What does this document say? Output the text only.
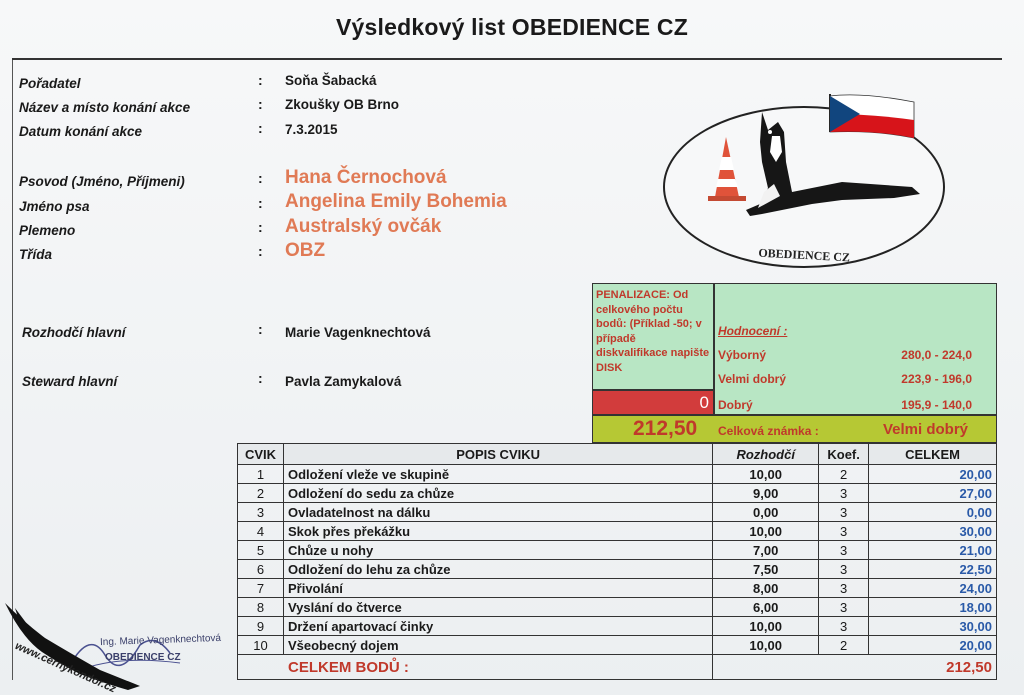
Výsledkový list OBEDIENCE CZ
Pořadatel	: Soňa Šabacká
Název a místo konání akce	: Zkoušky OB Brno
Datum konání akce	: 7.3.2015
Psovod (Jméno, Příjmeni)	: Hana Černochová
Jméno psa	: Angelina Emily Bohemia
Plemeno	: Australský ovčák
Třída	: OBZ
Rozhodčí hlavní	: Marie Vagenknechtová
Steward hlavní	: Pavla Zamykalová
OBEDIENCE CZ
PENALIZACE: Od celkového počtu bodů: (Příklad -50; v případě diskvalifikace napište DISK
0
Hodnocení :
Výborný	280,0 - 224,0
Velmi dobrý	223,9 - 196,0
Dobrý	195,9 - 140,0
212,50 Celková známka :	Velmi dobrý
CVIK	POPIS CVIKU	Rozhodčí	Koef.	CELKEM
1	Odložení vleže ve skupině	10,00	2	20,00
2	Odložení do sedu za chůze	9,00	3	27,00
3	Ovladatelnost na dálku	0,00	3	0,00
4	Skok přes překážku	10,00	3	30,00
5	Chůze u nohy	7,00	3	21,00
6	Odložení do lehu za chůze	7,50	3	22,50
7	Přivolání	8,00	3	24,00
8	Vyslání do čtverce	6,00	3	18,00
9	Držení apartovací činky	10,00	3	30,00
10	Všeobecný dojem	10,00	2	20,00
CELKEM BODŮ :		212,50		
Ing. Marie Vagenknechtová
OBEDIENCE CZ
www.cernykondor.cz
